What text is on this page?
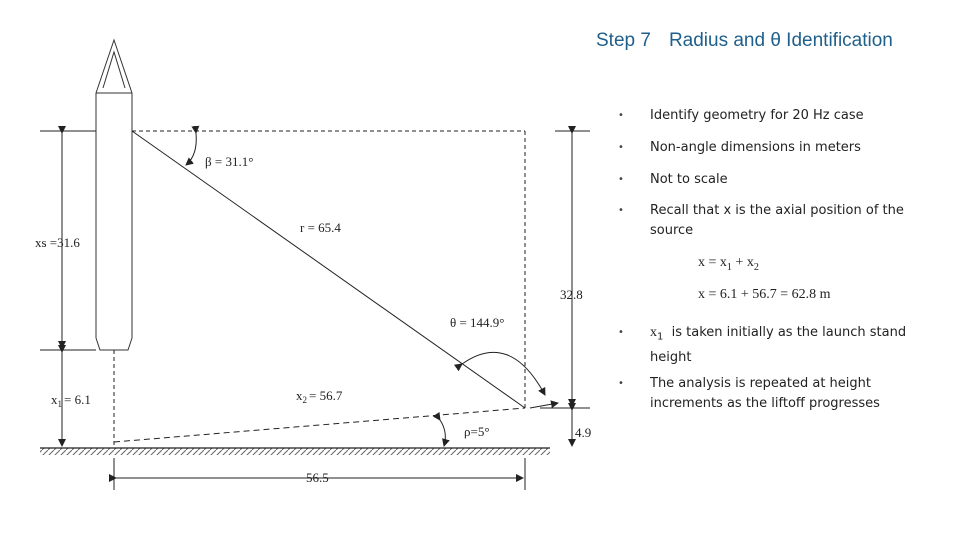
Step 7 Radius and θ Identification
β = 31.1°
r = 65.4
xs =31.6
32.8
θ = 144.9°
$x_1 = 6.1$	$x_2 = 56.7$
ρ=5°	4.9
56.5
• Identify geometry for 20 Hz case
• Non-angle dimensions in meters
• Not to scale
• Recall that x is the axial position of the source
$x = x_1 + x_2$
x = 6.1 + 56.7 = 62.8 m
• $x_1$ is taken initially as the launch stand height
• The analysis is repeated at height increments as the liftoff progresses
